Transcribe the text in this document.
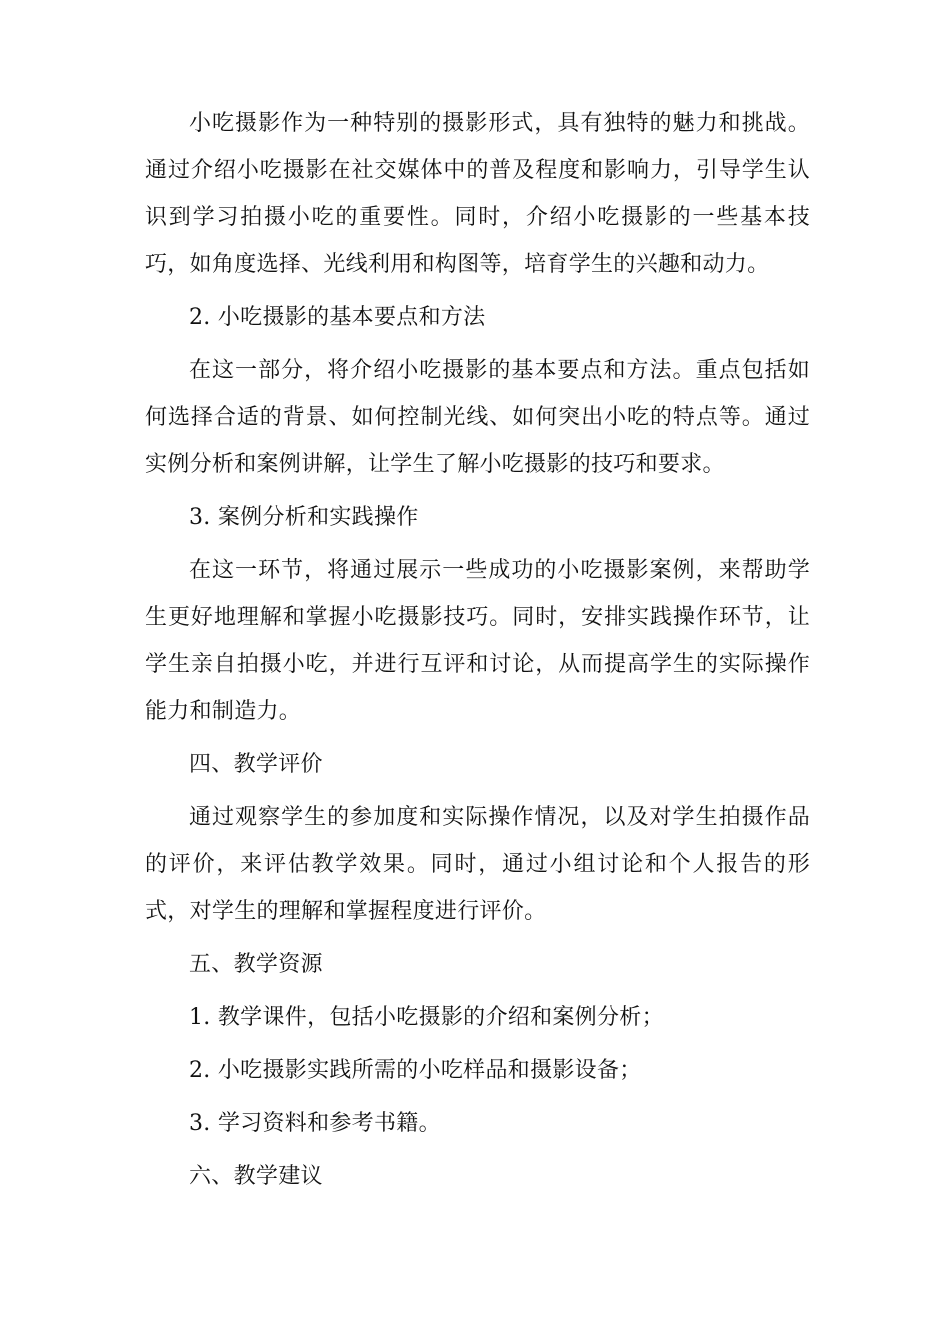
小吃摄影作为一种特别的摄影形式，具有独特的魅力和挑战。通过介绍小吃摄影在社交媒体中的普及程度和影响力，引导学生认识到学习拍摄小吃的重要性。同时，介绍小吃摄影的一些基本技巧，如角度选择、光线利用和构图等，培育学生的兴趣和动力。

2. 小吃摄影的基本要点和方法

在这一部分，将介绍小吃摄影的基本要点和方法。重点包括如何选择合适的背景、如何控制光线、如何突出小吃的特点等。通过实例分析和案例讲解，让学生了解小吃摄影的技巧和要求。

3. 案例分析和实践操作

在这一环节，将通过展示一些成功的小吃摄影案例，来帮助学生更好地理解和掌握小吃摄影技巧。同时，安排实践操作环节，让学生亲自拍摄小吃，并进行互评和讨论，从而提高学生的实际操作能力和制造力。

四、教学评价

通过观察学生的参加度和实际操作情况，以及对学生拍摄作品的评价，来评估教学效果。同时，通过小组讨论和个人报告的形式，对学生的理解和掌握程度进行评价。

五、教学资源

1. 教学课件，包括小吃摄影的介绍和案例分析；

2. 小吃摄影实践所需的小吃样品和摄影设备；

3. 学习资料和参考书籍。

六、教学建议
